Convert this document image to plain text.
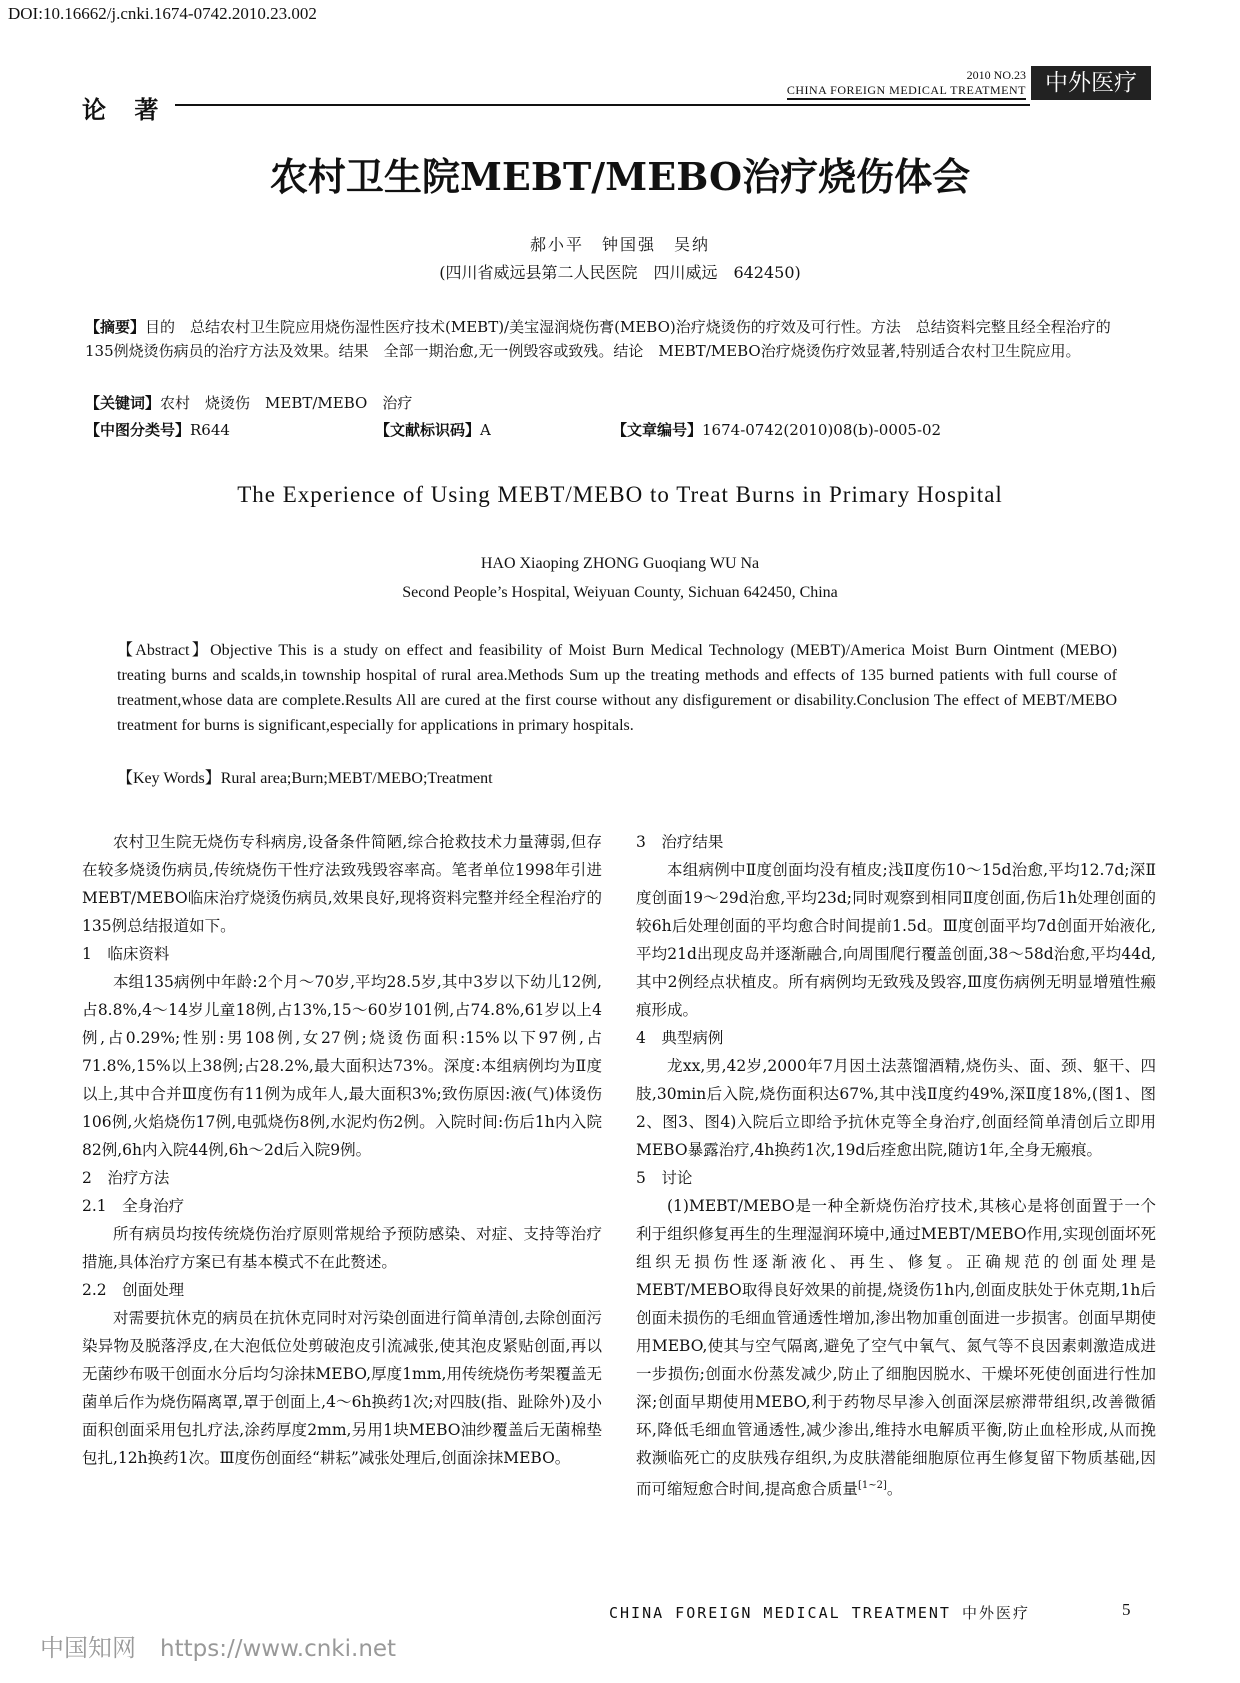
DOI:10.16662/j.cnki.1674-0742.2010.23.002
论 著
2010 NO.23
CHINA FOREIGN MEDICAL TREATMENT 中外医疗
农村卫生院MEBT/MEBO治疗烧伤体会
郝小平　钟国强　吴纳
(四川省威远县第二人民医院　四川威远　642450)
【摘要】目的　总结农村卫生院应用烧伤湿性医疗技术(MEBT)/美宝湿润烧伤膏(MEBO)治疗烧烫伤的疗效及可行性。方法　总结资料完整且经全程治疗的135例烧烫伤病员的治疗方法及效果。结果　全部一期治愈,无一例毁容或致残。结论　MEBT/MEBO治疗烧烫伤疗效显著,特别适合农村卫生院应用。
【关键词】农村　烧烫伤　MEBT/MEBO　治疗
【中图分类号】R644	【文献标识码】A	【文章编号】1674-0742(2010)08(b)-0005-02
The Experience of Using MEBT/MEBO to Treat Burns in Primary Hospital
HAO Xiaoping ZHONG Guoqiang WU Na
Second People’s Hospital, Weiyuan County, Sichuan 642450, China
【Abstract】Objective This is a study on effect and feasibility of Moist Burn Medical Technology (MEBT)/America Moist Burn Ointment (MEBO) treating burns and scalds,in township hospital of rural area.Methods Sum up the treating methods and effects of 135 burned patients with full course of treatment,whose data are complete.Results All are cured at the first course without any disfigurement or disability.Conclusion The effect of MEBT/MEBO treatment for burns is significant,especially for applications in primary hospitals.
【Key Words】Rural area;Burn;MEBT/MEBO;Treatment

农村卫生院无烧伤专科病房,设备条件简陋,综合抢救技术力量薄弱,但存在较多烧烫伤病员,传统烧伤干性疗法致残毁容率高。笔者单位1998年引进MEBT/MEBO临床治疗烧烫伤病员,效果良好,现将资料完整并经全程治疗的135例总结报道如下。

1　临床资料

本组135病例中年龄:2个月～70岁,平均28.5岁,其中3岁以下幼儿12例,占8.8%,4～14岁儿童18例,占13%,15～60岁101例,占74.8%,61岁以上4例,占0.29%;性别:男108例,女27例;烧烫伤面积:15%以下97例,占71.8%,15%以上38例;占28.2%,最大面积达73%。深度:本组病例均为Ⅱ度以上,其中合并Ⅲ度伤有11例为成年人,最大面积3%;致伤原因:液(气)体烫伤106例,火焰烧伤17例,电弧烧伤8例,水泥灼伤2例。入院时间:伤后1h内入院82例,6h内入院44例,6h～2d后入院9例。

2　治疗方法

2.1　全身治疗

所有病员均按传统烧伤治疗原则常规给予预防感染、对症、支持等治疗措施,具体治疗方案已有基本模式不在此赘述。

2.2　创面处理

对需要抗休克的病员在抗休克同时对污染创面进行简单清创,去除创面污染异物及脱落浮皮,在大泡低位处剪破泡皮引流减张,使其泡皮紧贴创面,再以无菌纱布吸干创面水分后均匀涂抹MEBO,厚度1mm,用传统烧伤考架覆盖无菌单后作为烧伤隔离罩,罩于创面上,4～6h换药1次;对四肢(指、趾除外)及小面积创面采用包扎疗法,涂药厚度2mm,另用1块MEBO油纱覆盖后无菌棉垫包扎,12h换药1次。Ⅲ度伤创面经“耕耘”减张处理后,创面涂抹MEBO。

3　治疗结果

本组病例中Ⅱ度创面均没有植皮;浅Ⅱ度伤10～15d治愈,平均12.7d;深Ⅱ度创面19～29d治愈,平均23d;同时观察到相同Ⅱ度创面,伤后1h处理创面的较6h后处理创面的平均愈合时间提前1.5d。Ⅲ度创面平均7d创面开始液化,平均21d出现皮岛并逐渐融合,向周围爬行覆盖创面,38～58d治愈,平均44d,其中2例经点状植皮。所有病例均无致残及毁容,Ⅲ度伤病例无明显增殖性瘢痕形成。

4　典型病例

龙xx,男,42岁,2000年7月因土法蒸馏酒精,烧伤头、面、颈、躯干、四肢,30min后入院,烧伤面积达67%,其中浅Ⅱ度约49%,深Ⅱ度18%,(图1、图2、图3、图4)入院后立即给予抗休克等全身治疗,创面经简单清创后立即用MEBO暴露治疗,4h换药1次,19d后痊愈出院,随访1年,全身无瘢痕。

5　讨论

(1)MEBT/MEBO是一种全新烧伤治疗技术,其核心是将创面置于一个利于组织修复再生的生理湿润环境中,通过MEBT/MEBO作用,实现创面坏死组织无损伤性逐渐液化、再生、修复。正确规范的创面处理是MEBT/MEBO取得良好效果的前提,烧烫伤1h内,创面皮肤处于休克期,1h后创面未损伤的毛细血管通透性增加,渗出物加重创面进一步损害。创面早期使用MEBO,使其与空气隔离,避免了空气中氧气、氮气等不良因素刺激造成进一步损伤;创面水份蒸发减少,防止了细胞因脱水、干燥坏死使创面进行性加深;创面早期使用MEBO,利于药物尽早渗入创面深层瘀滞带组织,改善微循环,降低毛细血管通透性,减少渗出,维持水电解质平衡,防止血栓形成,从而挽救濒临死亡的皮肤残存组织,为皮肤潜能细胞原位再生修复留下物质基础,因而可缩短愈合时间,提高愈合质量[1~2]。

CHINA FOREIGN MEDICAL TREATMENT 中外医疗	5
中国知网 https://www.cnki.net
